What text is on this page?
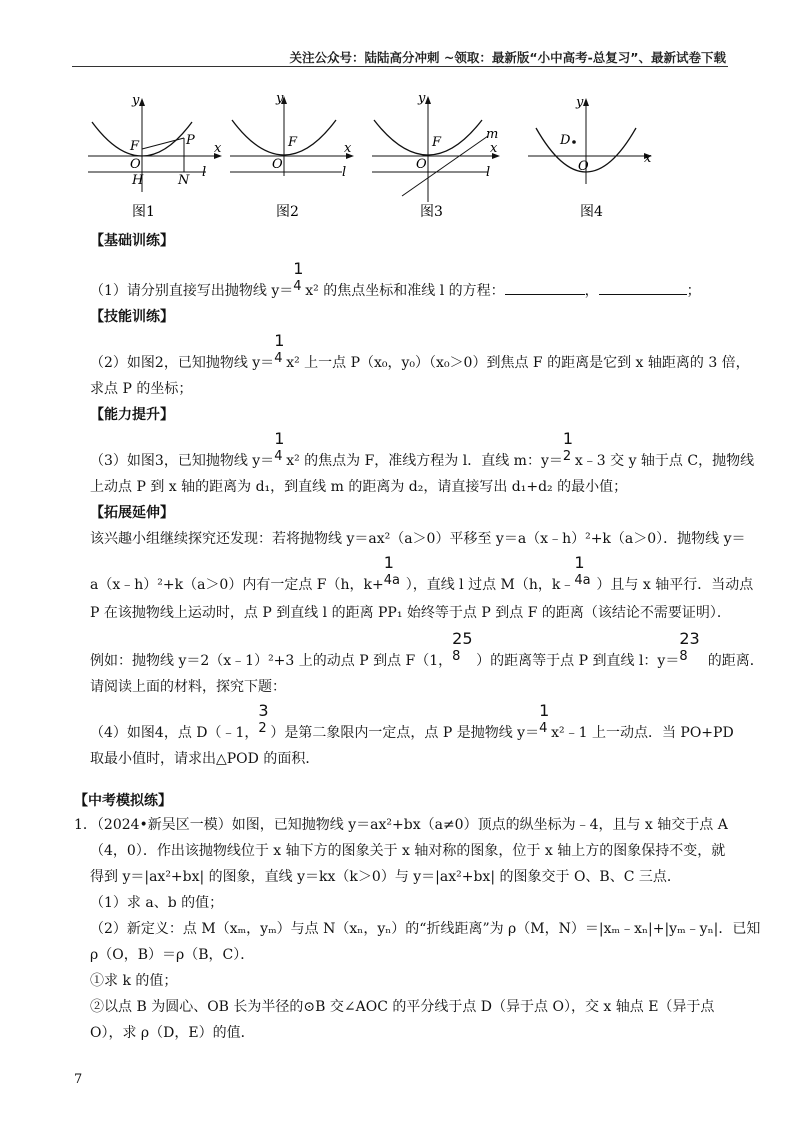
关注公众号：陆陆高分冲刺 ~领取：最新版“小中高考-总复习”、最新试卷下载
y
x
F	P
O
H	N
l
图1
y
x
F
O
l
图2
y
x
F
O
m
l
图3
y
x
D
O
图4
【基础训练】
（1）请分别直接写出抛物线 y＝
1
4 x² 的焦点坐标和准线 l 的方程：	，	；
【技能训练】
（2）如图2，已知抛物线 y＝
1
4 x² 上一点 P（x₀，y₀）（x₀＞0）到焦点 F 的距离是它到 x 轴距离的 3 倍，
求点 P 的坐标；
【能力提升】
（3）如图3，已知抛物线 y＝
1
4 x² 的焦点为 F，准线方程为 l．直线 m：y＝
1
2 x﹣3 交 y 轴于点 C，抛物线
上动点 P 到 x 轴的距离为 d₁，到直线 m 的距离为 d₂，请直接写出 d₁+d₂ 的最小值；
【拓展延伸】
该兴趣小组继续探究还发现：若将抛物线 y＝ax²（a＞0）平移至 y＝a（x﹣h）²+k（a＞0）．抛物线 y＝
a（x﹣h）²+k（a＞0）内有一定点 F（h，k+
1
4a ），直线 l 过点 M（h，k﹣
1
4a ）且与 x 轴平行．当动点
P 在该抛物线上运动时，点 P 到直线 l 的距离 PP₁ 始终等于点 P 到点 F 的距离（该结论不需要证明）．
例如：抛物线 y＝2（x﹣1）²+3 上的动点 P 到点 F（1，
25
8 ）的距离等于点 P 到直线 l：y＝
23
8 的距离．
请阅读上面的材料，探究下题：
（4）如图4，点 D（﹣1，
3
2 ）是第二象限内一定点，点 P 是抛物线 y＝
1
4 x²﹣1 上一动点．当 PO+PD
取最小值时，请求出△POD 的面积．
【中考模拟练】
1．（2024•新吴区一模）如图，已知抛物线 y＝ax²+bx（a≠0）顶点的纵坐标为﹣4，且与 x 轴交于点 A
（4，0）．作出该抛物线位于 x 轴下方的图象关于 x 轴对称的图象，位于 x 轴上方的图象保持不变，就
得到 y＝|ax²+bx| 的图象，直线 y＝kx（k＞0）与 y＝|ax²+bx| 的图象交于 O、B、C 三点．
（1）求 a、b 的值；
（2）新定义：点 M（xₘ，yₘ）与点 N（xₙ，yₙ）的“折线距离”为 ρ（M，N）＝|xₘ﹣xₙ|+|yₘ﹣yₙ|．已知
ρ（O，B）＝ρ（B，C）．
①求 k 的值；
②以点 B 为圆心、OB 长为半径的⊙B 交∠AOC 的平分线于点 D（异于点 O），交 x 轴点 E（异于点
O），求 ρ（D，E）的值．
7
